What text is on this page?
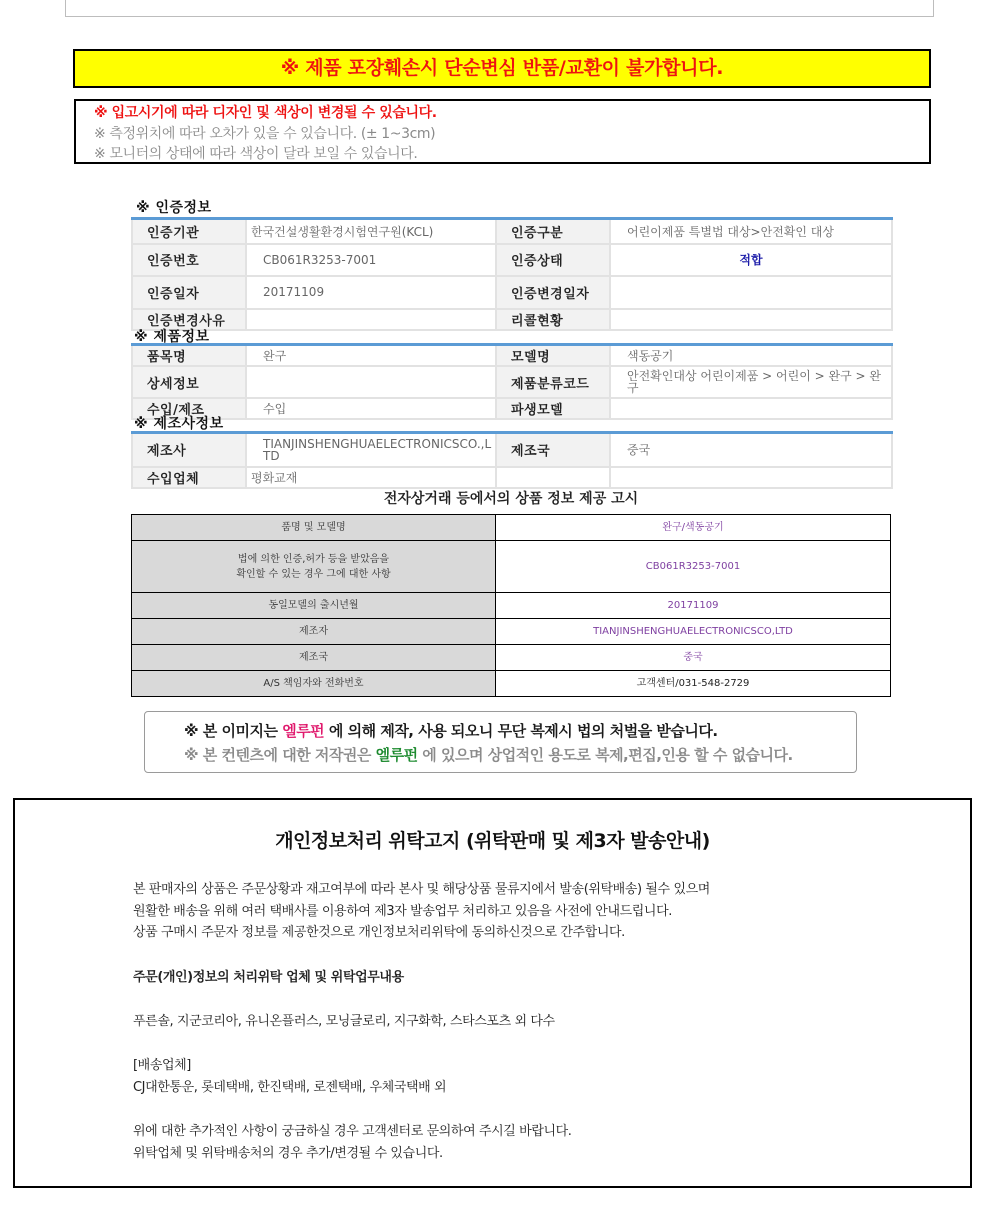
※ 제품 포장훼손시 단순변심 반품/교환이 불가합니다.
※ 입고시기에 따라 디자인 및 색상이 변경될 수 있습니다.
※ 측정위치에 따라 오차가 있을 수 있습니다. (± 1~3cm)
※ 모니터의 상태에 따라 색상이 달라 보일 수 있습니다.
※ 인증정보
인증기관	한국건설생활환경시험연구원(KCL)	인증구분	어린이제품 특별법 대상>안전확인 대상
인증번호	CB061R3253-7001	인증상태	적합
인증일자	20171109	인증변경일자	
인증변경사유		리콜현황	
※ 제품정보
품목명	완구	모델명	색동공기
상세정보		제품분류코드	안전확인대상 어린이제품 > 어린이 > 완구 > 완구
수입/제조	수입	파생모델	
※ 제조사정보
제조사	TIANJINSHENGHUAELECTRONICSCO.,LTD	제조국	중국
수입업체	평화교재		
전자상거래 등에서의 상품 정보 제공 고시
품명 및 모델명	완구/색동공기

법에 의한 인증,허가 등을 받았음을
확인할 수 있는 경우 그에 대한 사항	CB061R3253-7001
동일모델의 출시년월	20171109
제조자	TIANJINSHENGHUAELECTRONICSCO,LTD
제조국	중국
A/S 책임자와 전화번호	고객센터/031-548-2729
※ 본 이미지는 엘루펀 에 의해 제작, 사용 되오니 무단 복제시 법의 처벌을 받습니다.
※ 본 컨텐츠에 대한 저작권은 엘루펀 에 있으며 상업적인 용도로 복제,편집,인용 할 수 없습니다.
개인정보처리 위탁고지 (위탁판매 및 제3자 발송안내)
본 판매자의 상품은 주문상황과 재고여부에 따라 본사 및 해당상품 물류지에서 발송(위탁배송) 될수 있으며
원활한 배송을 위해 여러 택배사를 이용하여 제3자 발송업무 처리하고 있음을 사전에 안내드립니다.
상품 구매시 주문자 정보를 제공한것으로 개인정보처리위탁에 동의하신것으로 간주합니다.
주문(개인)정보의 처리위탁 업체 및 위탁업무내용
푸른솔, 지군코리아, 유니온플러스, 모닝글로리, 지구화학, 스타스포츠 외 다수
[배송업체]
CJ대한통운, 롯데택배, 한진택배, 로젠택배, 우체국택배 외
위에 대한 추가적인 사항이 궁금하실 경우 고객센터로 문의하여 주시길 바랍니다.
위탁업체 및 위탁배송처의 경우 추가/변경될 수 있습니다.
